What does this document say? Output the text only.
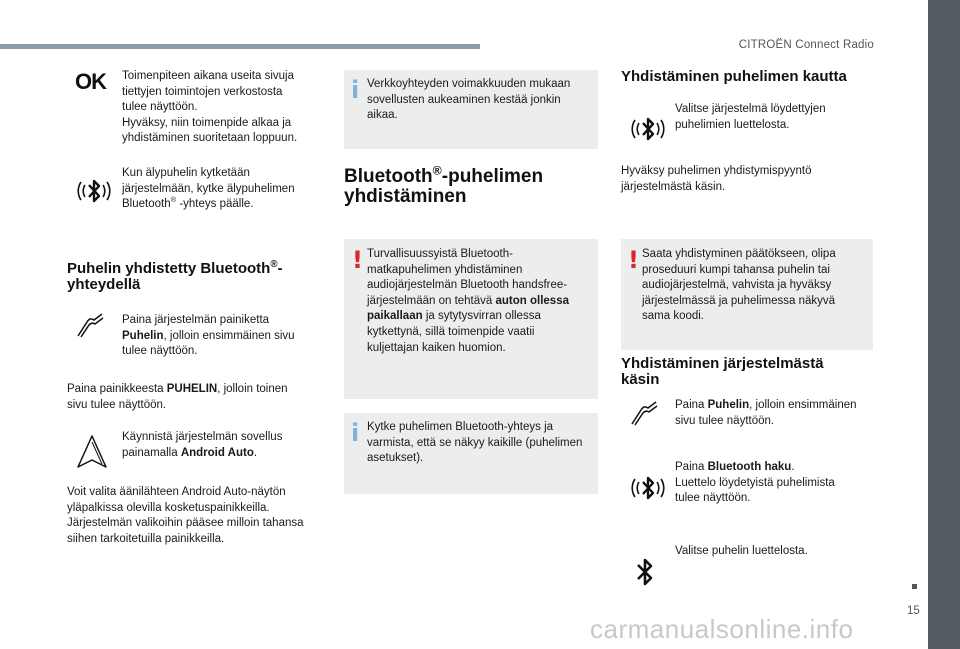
CITROËN Connect Radio
15
carmanualsonline.info
OK Toimenpiteen aikana useita sivuja
tiettyjen toimintojen verkostosta
tulee näyttöön.
Hyväksy, niin toimenpide alkaa ja
yhdistäminen suoritetaan loppuun.
Kun älypuhelin kytketään
järjestelmään, kytke älypuhelimen
Bluetooth® -yhteys päälle.
Puhelin yhdistetty Bluetooth®-
yhteydellä
Paina järjestelmän painiketta
Puhelin, jolloin ensimmäinen sivu
tulee näyttöön.
Paina painikkeesta PUHELIN, jolloin toinen
sivu tulee näyttöön.
Käynnistä järjestelmän sovellus
painamalla Android Auto.
Voit valita äänilähteen Android Auto-näytön
yläpalkissa olevilla kosketuspainikkeilla.
Järjestelmän valikoihin pääsee milloin tahansa
siihen tarkoitetuilla painikkeilla.
i Verkkoyhteyden voimakkuuden mukaan
sovellusten aukeaminen kestää jonkin
aikaa.
Bluetooth®-puhelimen
yhdistäminen
! Turvallisuussyistä Bluetooth-
matkapuhelimen yhdistäminen
audiojärjestelmän Bluetooth handsfree-
järjestelmään on tehtävä auton ollessa
paikallaan ja sytytysvirran ollessa
kytkettynä, sillä toimenpide vaatii
kuljettajan kaiken huomion.
i Kytke puhelimen Bluetooth-yhteys ja
varmista, että se näkyy kaikille (puhelimen
asetukset).
Yhdistäminen puhelimen kautta
Valitse järjestelmä löydettyjen
puhelimien luettelosta.
Hyväksy puhelimen yhdistymispyyntö
järjestelmästä käsin.
! Saata yhdistyminen päätökseen, olipa
proseduuri kumpi tahansa puhelin tai
audiojärjestelmä, vahvista ja hyväksy
järjestelmässä ja puhelimessa näkyvä
sama koodi.
Yhdistäminen järjestelmästä
käsin
Paina Puhelin, jolloin ensimmäinen
sivu tulee näyttöön.
Paina Bluetooth haku.
Luettelo löydetyistä puhelimista
tulee näyttöön.
Valitse puhelin luettelosta.
